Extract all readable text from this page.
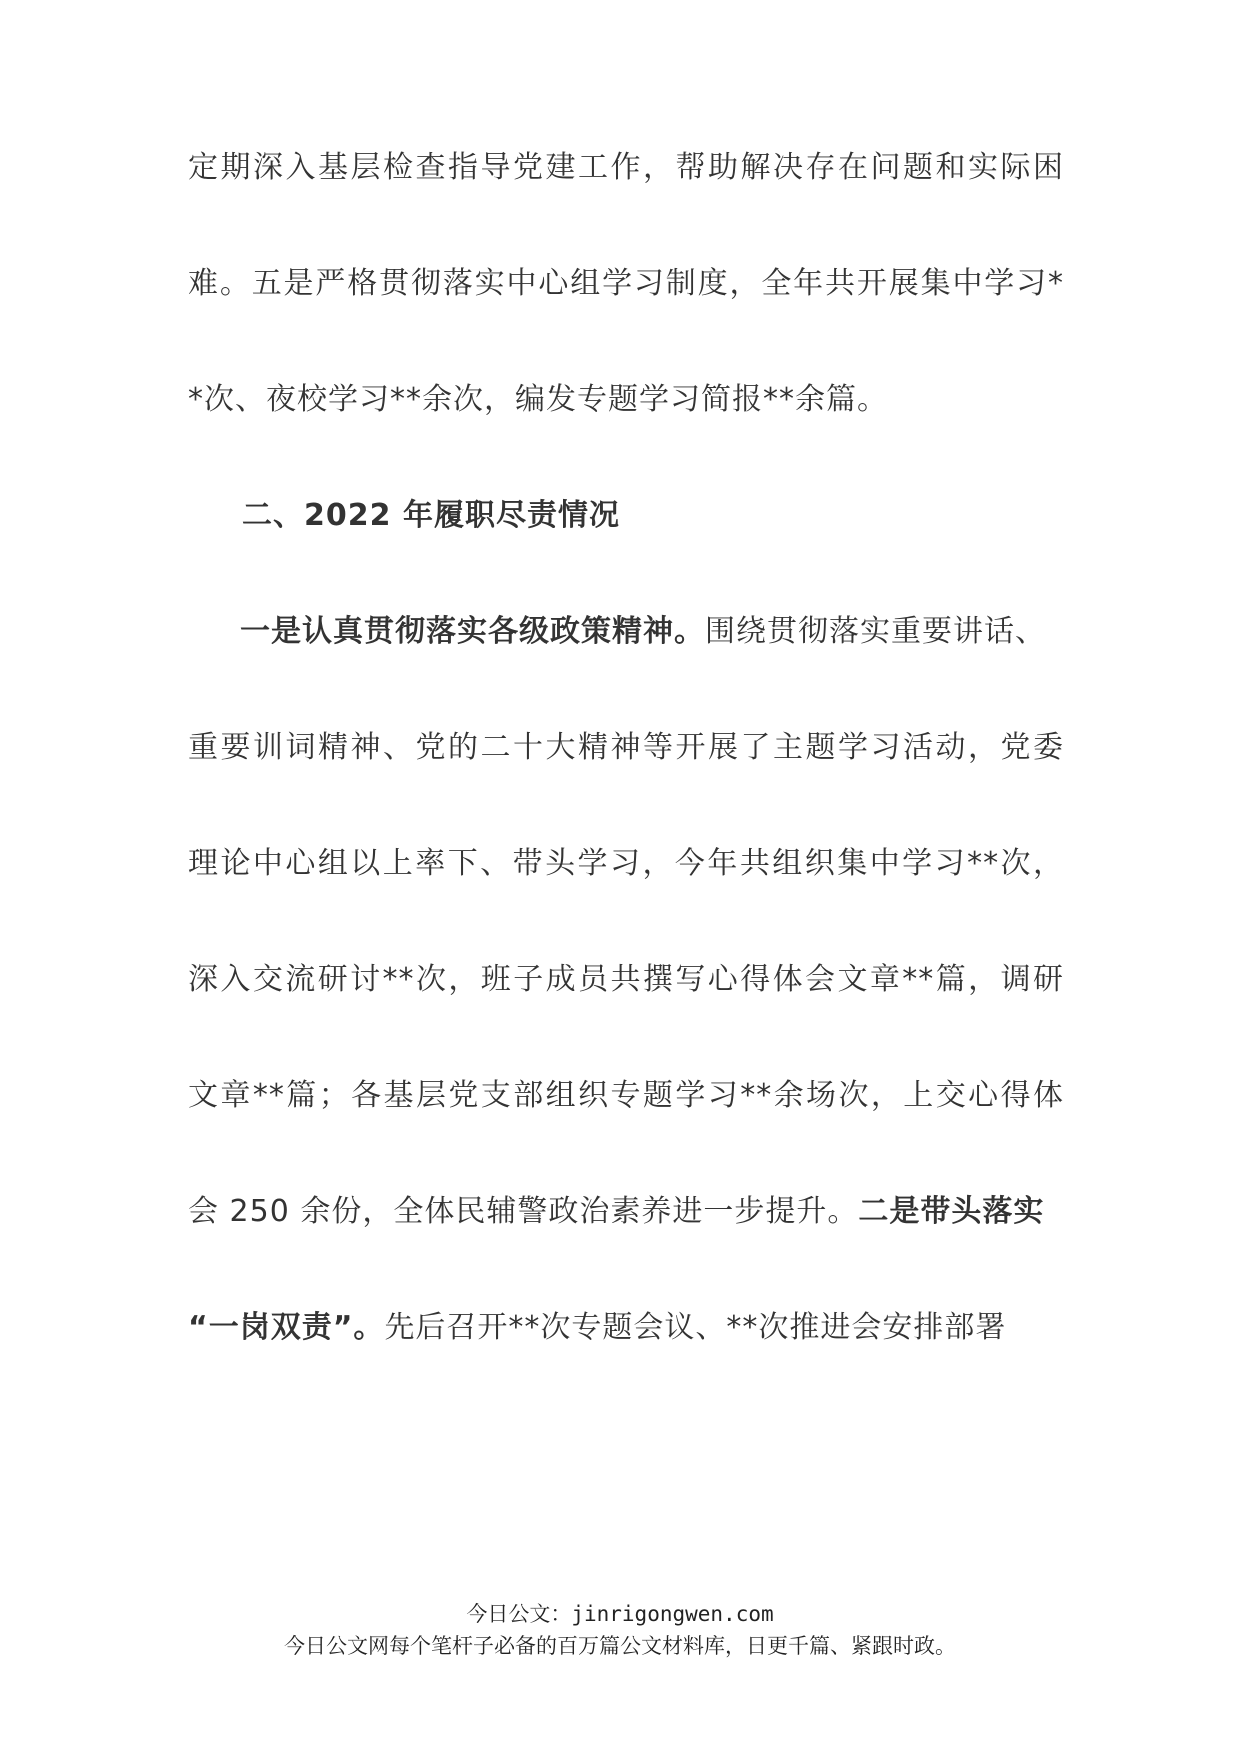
定期深入基层检查指导党建工作，帮助解决存在问题和实际困
难。五是严格贯彻落实中心组学习制度，全年共开展集中学习*
*次、夜校学习**余次，编发专题学习简报**余篇。
二、2022 年履职尽责情况
一是认真贯彻落实各级政策精神。围绕贯彻落实重要讲话、
重要训词精神、党的二十大精神等开展了主题学习活动，党委
理论中心组以上率下、带头学习，今年共组织集中学习**次，
深入交流研讨**次，班子成员共撰写心得体会文章**篇，调研
文章**篇；各基层党支部组织专题学习**余场次，上交心得体
会 250 余份，全体民辅警政治素养进一步提升。二是带头落实
“一岗双责”。先后召开**次专题会议、**次推进会安排部署
今日公文：jinrigongwen.com
今日公文网每个笔杆子必备的百万篇公文材料库，日更千篇、紧跟时政。
